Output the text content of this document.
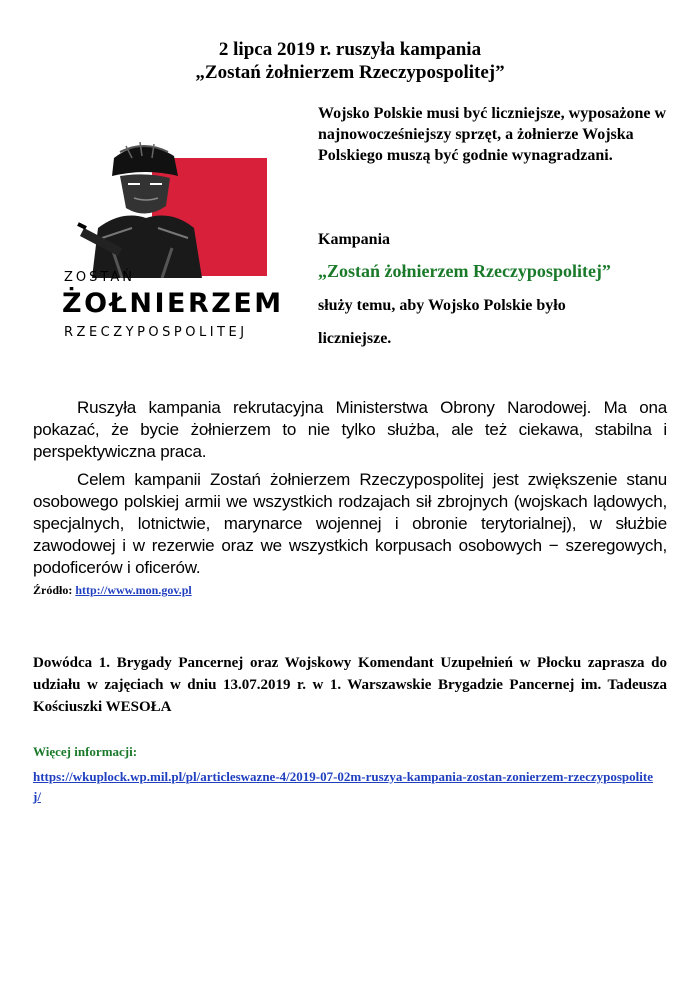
2 lipca 2019 r. ruszyła kampania
„Zostań żołnierzem Rzeczypospolitej”
ZOSTAŃ
ŻOŁNIERZEM
RZECZYPOSPOLITEJ
Wojsko Polskie musi być liczniejsze, wyposażone w najnowocześniejszy sprzęt, a żołnierze Wojska Polskiego muszą być godnie wynagradzani.
Kampania
„Zostań żołnierzem Rzeczypospolitej”
służy temu, aby Wojsko Polskie było
liczniejsze.

Ruszyła kampania rekrutacyjna Ministerstwa Obrony Narodowej. Ma ona pokazać, że bycie żołnierzem to nie tylko służba, ale też ciekawa, stabilna i perspektywiczna praca.

Celem kampanii Zostań żołnierzem Rzeczypospolitej jest zwiększenie stanu osobowego polskiej armii we wszystkich rodzajach sił zbrojnych (wojskach lądowych, specjalnych, lotnictwie, marynarce wojennej i obronie terytorialnej), w służbie zawodowej i w rezerwie oraz we wszystkich korpusach osobowych − szeregowych, podoficerów i oficerów.

Źródło: http://www.mon.gov.pl
Dowódca 1. Brygady Pancernej oraz Wojskowy Komendant Uzupełnień w Płocku zaprasza do udziału w zajęciach w dniu 13.07.2019 r. w 1. Warszawskie Brygadzie Pancernej im. Tadeusza Kościuszki WESOŁA
Więcej informacji:
https://wkuplock.wp.mil.pl/pl/articleswazne-4/2019-07-02m-ruszya-kampania-zostan-zonierzem-rzeczypospolitej/
